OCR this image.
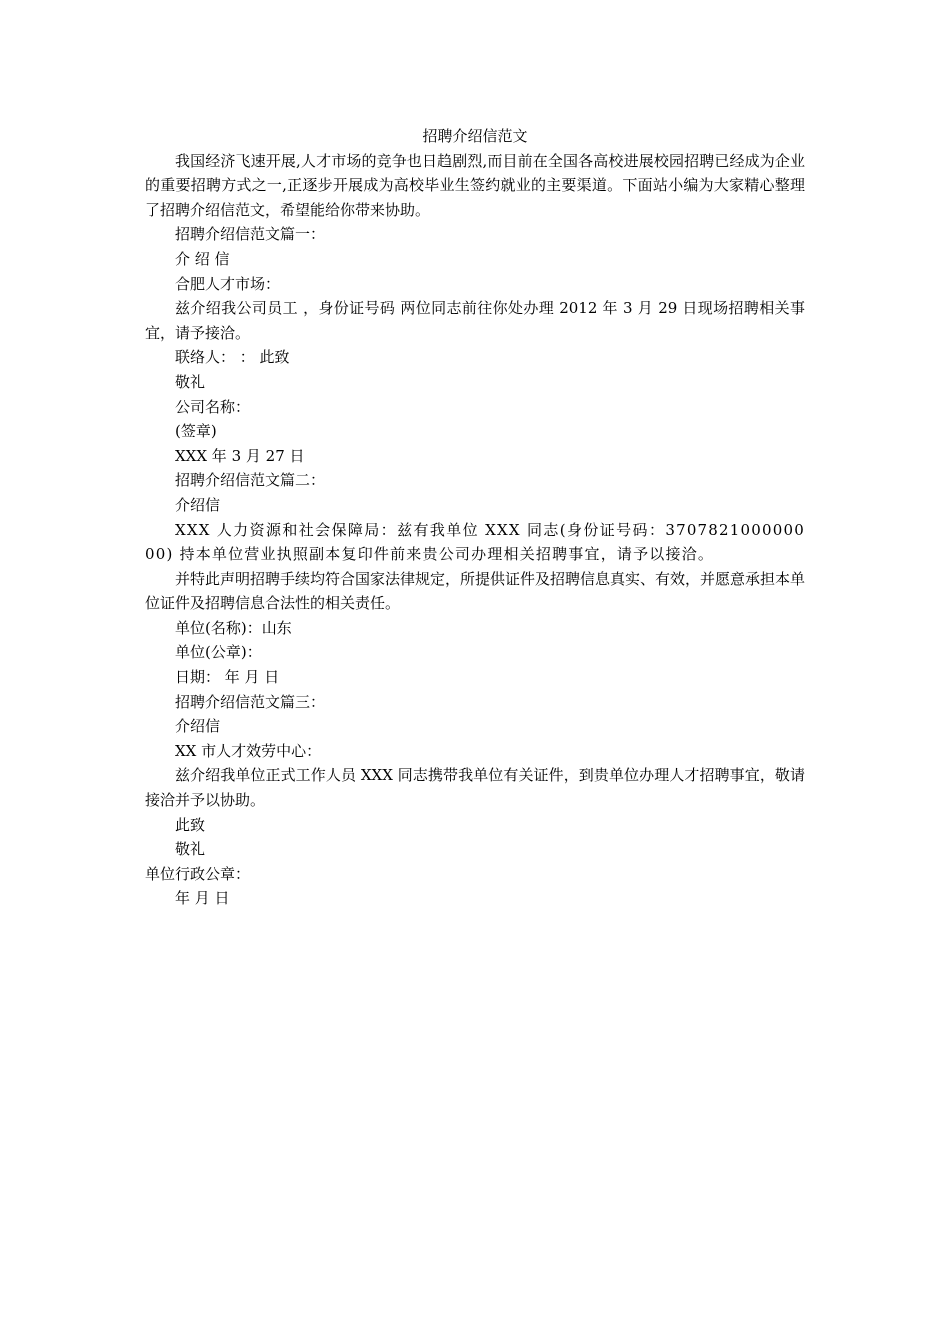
招聘介绍信范文

我国经济飞速开展,人才市场的竞争也日趋剧烈,而目前在全国各高校进展校园招聘已经成为企业的重要招聘方式之一,正逐步开展成为高校毕业生签约就业的主要渠道。下面站小编为大家精心整理了招聘介绍信范文，希望能给你带来协助。

招聘介绍信范文篇一：

介 绍 信

合肥人才市场：

兹介绍我公司员工 ，身份证号码 两位同志前往你处办理 2012 年 3 月 29 日现场招聘相关事宜，请予接洽。

联络人： ： 此致

敬礼

公司名称：

(签章)

XXX 年 3 月 27 日

招聘介绍信范文篇二：

介绍信

XXX 人力资源和社会保障局：兹有我单位 XXX 同志(身份证号码：370782100000000) 持本单位营业执照副本复印件前来贵公司办理相关招聘事宜，请予以接洽。

并特此声明招聘手续均符合国家法律规定，所提供证件及招聘信息真实、有效，并愿意承担本单位证件及招聘信息合法性的相关责任。

单位(名称)：山东

单位(公章)：

日期： 年 月 日

招聘介绍信范文篇三：

介绍信

XX 市人才效劳中心：

兹介绍我单位正式工作人员 XXX 同志携带我单位有关证件，到贵单位办理人才招聘事宜，敬请接洽并予以协助。

此致

敬礼

单位行政公章：

年 月 日
